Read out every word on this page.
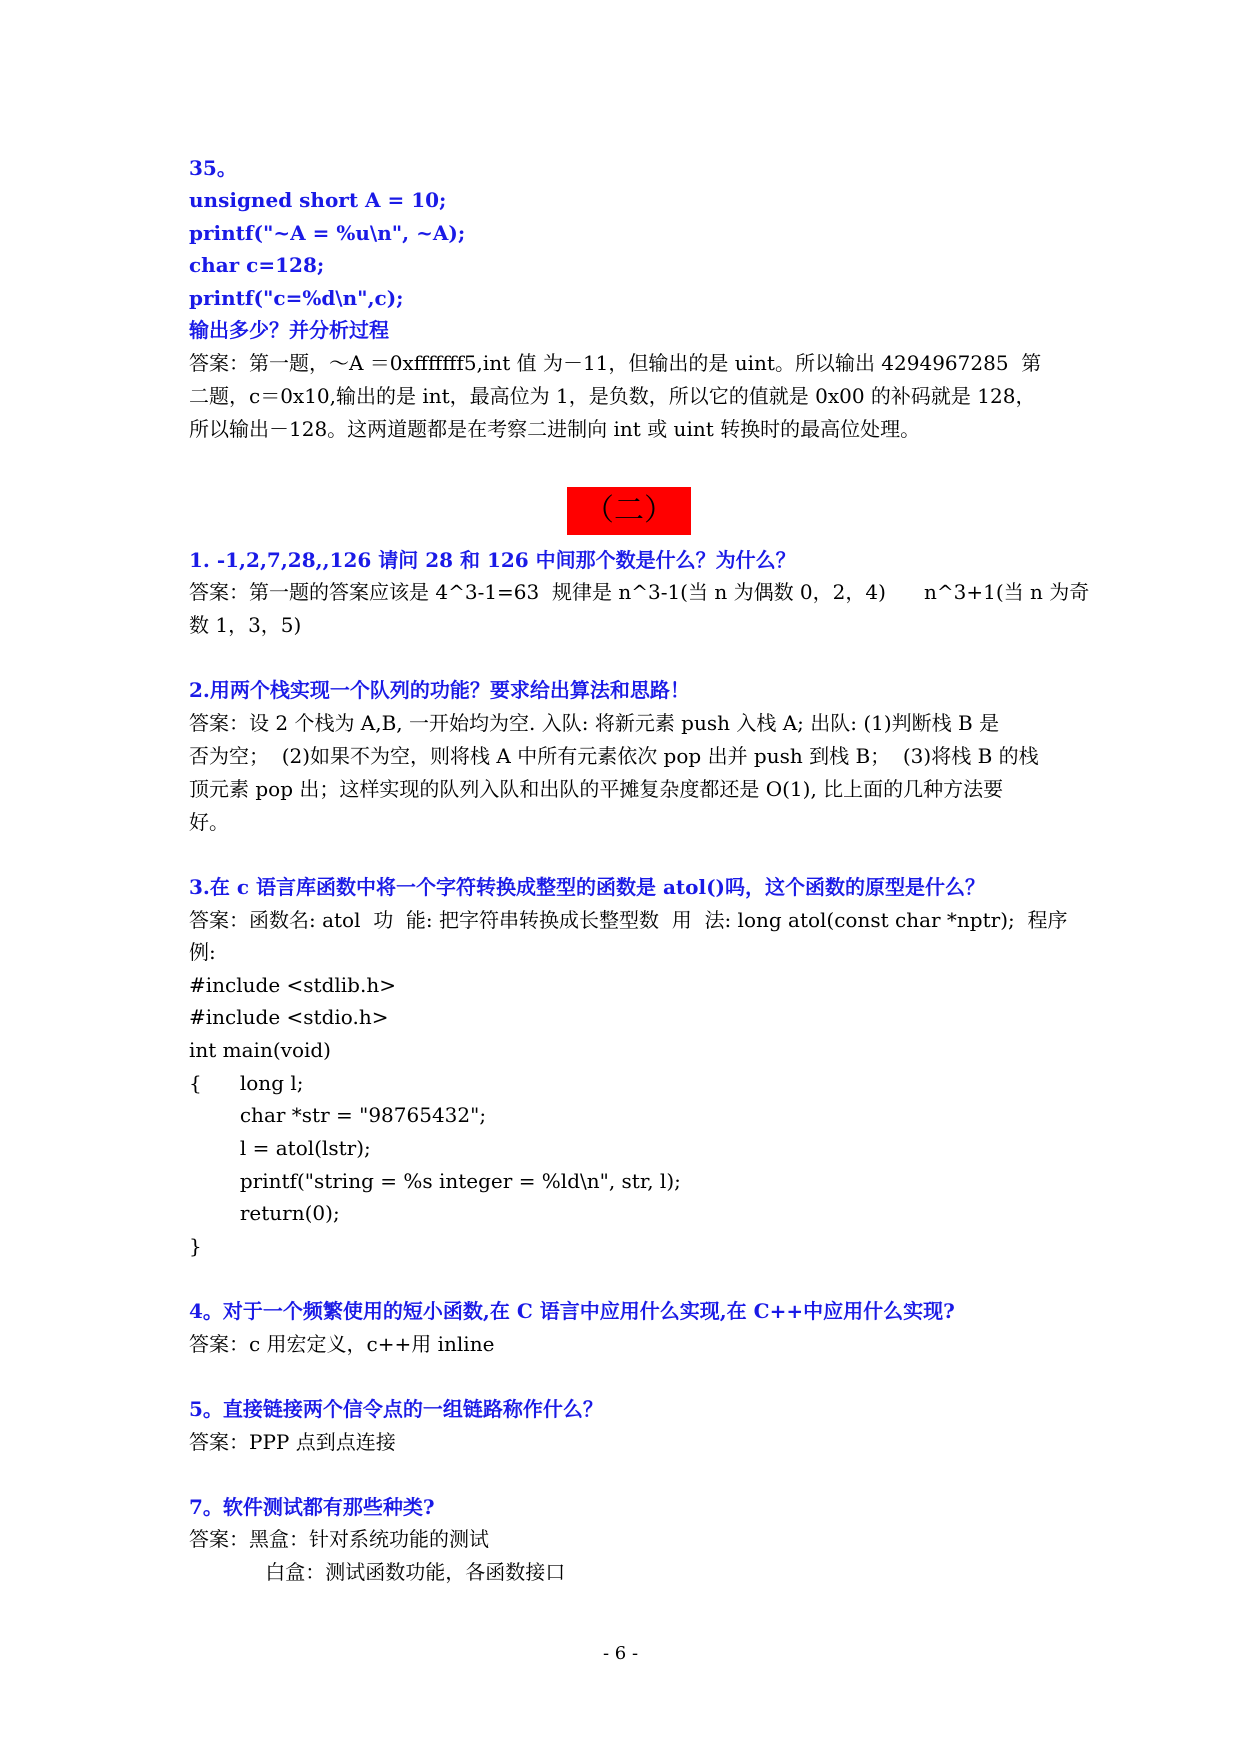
35。

unsigned short A = 10;

printf("~A = %u\n", ~A);

char c=128;

printf("c=%d\n",c);

输出多少？并分析过程

答案：第一题，～A ＝0xfffffff5,int 值 为－11，但输出的是 uint。所以输出 4294967285  第

二题，c＝0x10,输出的是 int，最高位为 1，是负数，所以它的值就是 0x00 的补码就是 128，

所以输出－128。这两道题都是在考察二进制向 int 或 uint 转换时的最高位处理。

（二）

1. -1,2,7,28,,126 请问 28 和 126 中间那个数是什么？为什么？

答案：第一题的答案应该是 4^3-1=63  规律是 n^3-1(当 n 为偶数 0，2，4)      n^3+1(当 n 为奇

数 1，3，5)

2.用两个栈实现一个队列的功能？要求给出算法和思路！

答案：设 2 个栈为 A,B, 一开始均为空. 入队: 将新元素 push 入栈 A; 出队: (1)判断栈 B 是

否为空；  (2)如果不为空，则将栈 A 中所有元素依次 pop 出并 push 到栈 B；  (3)将栈 B 的栈

顶元素 pop 出；这样实现的队列入队和出队的平摊复杂度都还是 O(1), 比上面的几种方法要

好。

3.在 c 语言库函数中将一个字符转换成整型的函数是 atol()吗，这个函数的原型是什么？

答案：函数名: atol  功  能: 把字符串转换成长整型数  用  法: long atol(const char *nptr);  程序

例:

#include <stdlib.h>

#include <stdio.h>

int main(void)

{      long l;

char *str = "98765432";

l = atol(lstr);

printf("string = %s integer = %ld\n", str, l);

return(0);

}

4。对于一个频繁使用的短小函数,在 C 语言中应用什么实现,在 C++中应用什么实现?

答案：c 用宏定义，c++用 inline

5。直接链接两个信令点的一组链路称作什么？

答案：PPP 点到点连接

7。软件测试都有那些种类?

答案：黑盒：针对系统功能的测试

白盒：测试函数功能，各函数接口

- 6 -
